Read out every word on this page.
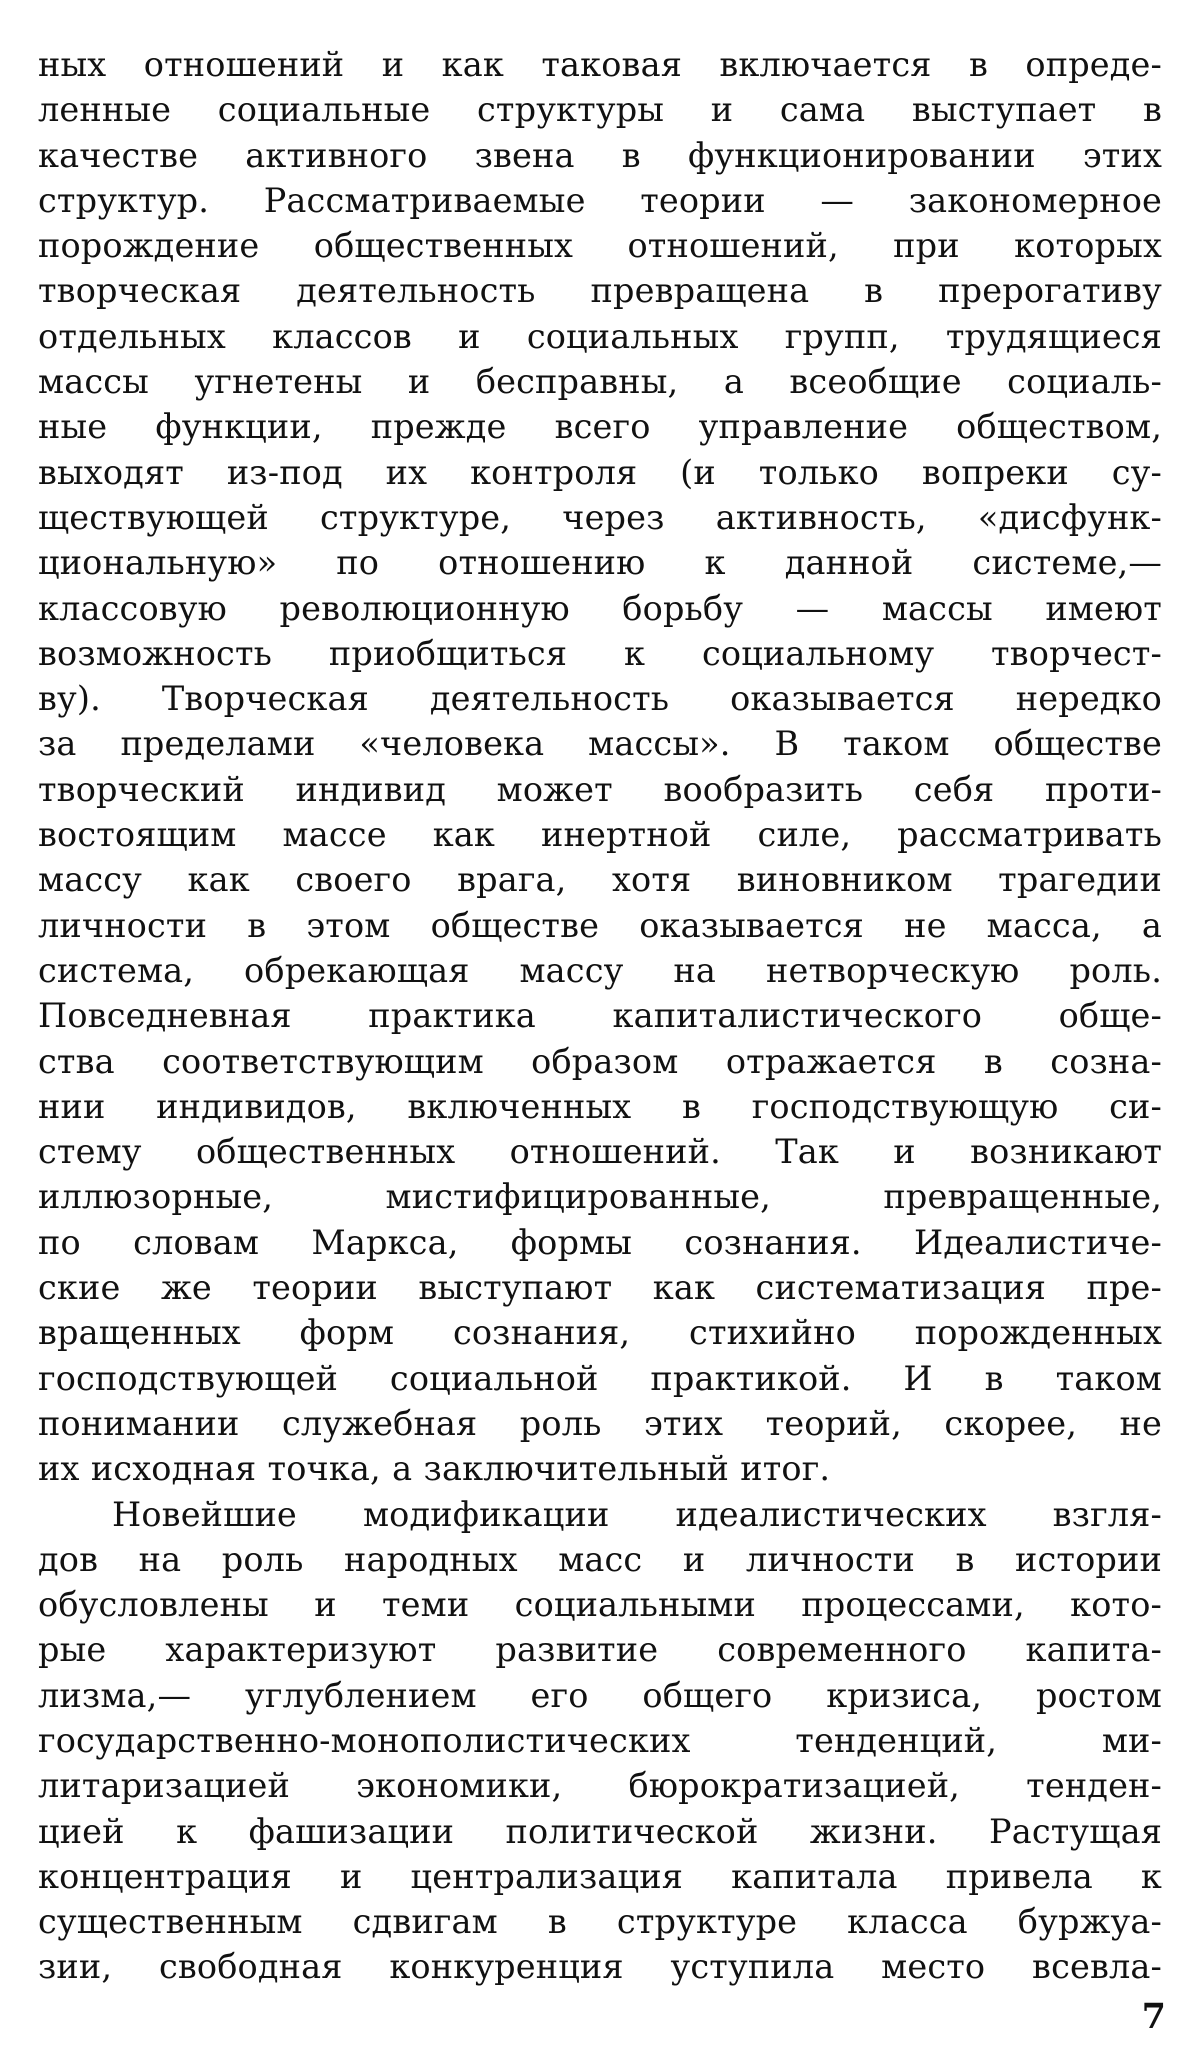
ных отношений и как таковая включается в опреде-
ленные социальные структуры и сама выступает в
качестве активного звена в функционировании этих
структур. Рассматриваемые теории — закономерное
порождение общественных отношений, при которых
творческая деятельность превращена в прерогативу
отдельных классов и социальных групп, трудящиеся
массы угнетены и бесправны, а всеобщие социаль-
ные функции, прежде всего управление обществом,
выходят из-под их контроля (и только вопреки су-
ществующей структуре, через активность, «дисфунк-
циональную» по отношению к данной системе,—
классовую революционную борьбу — массы имеют
возможность приобщиться к социальному творчест-
ву). Творческая деятельность оказывается нередко
за пределами «человека массы». В таком обществе
творческий индивид может вообразить себя проти-
востоящим массе как инертной силе, рассматривать
массу как своего врага, хотя виновником трагедии
личности в этом обществе оказывается не масса, а
система, обрекающая массу на нетворческую роль.
Повседневная практика капиталистического обще-
ства соответствующим образом отражается в созна-
нии индивидов, включенных в господствующую си-
стему общественных отношений. Так и возникают
иллюзорные, мистифицированные, превращенные,
по словам Маркса, формы сознания. Идеалистиче-
ские же теории выступают как систематизация пре-
вращенных форм сознания, стихийно порожденных
господствующей социальной практикой. И в таком
понимании служебная роль этих теорий, скорее, не
их исходная точка, а заключительный итог.
Новейшие модификации идеалистических взгля-
дов на роль народных масс и личности в истории
обусловлены и теми социальными процессами, кото-
рые характеризуют развитие современного капита-
лизма,— углублением его общего кризиса, ростом
государственно-монополистических тенденций, ми-
литаризацией экономики, бюрократизацией, тенден-
цией к фашизации политической жизни. Растущая
концентрация и централизация капитала привела к
существенным сдвигам в структуре класса буржуа-
зии, свободная конкуренция уступила место всевла-
7
